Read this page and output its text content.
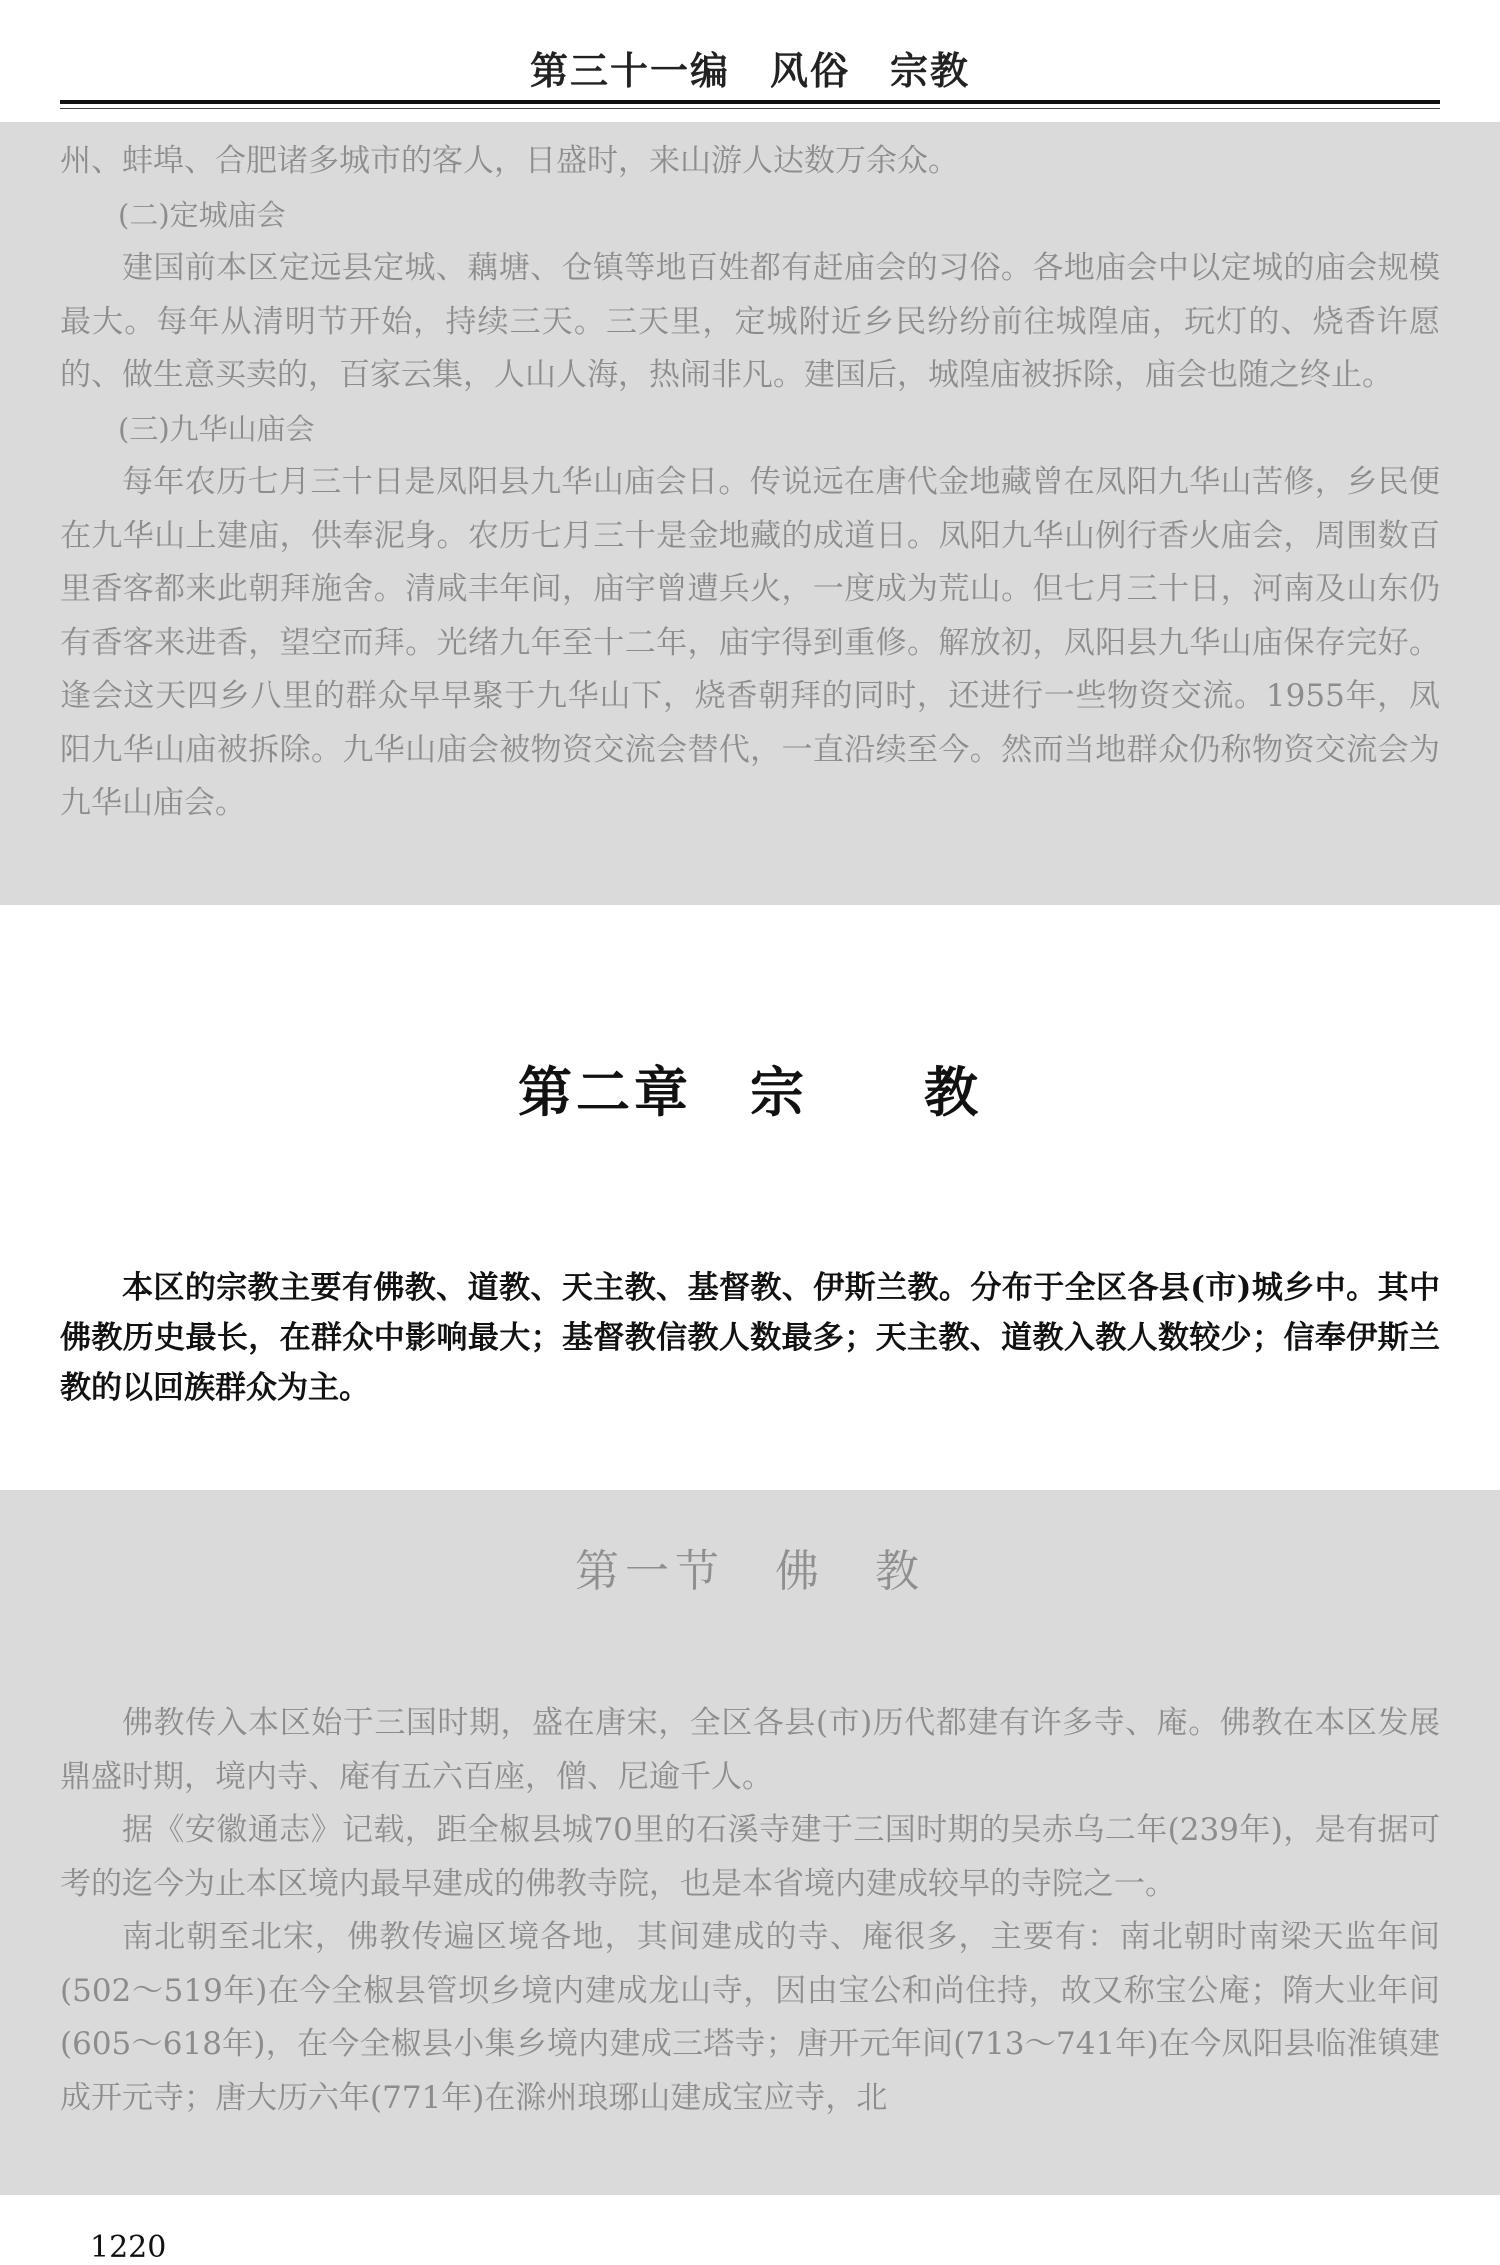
第三十一编　风俗　宗教

州、蚌埠、合肥诸多城市的客人，日盛时，来山游人达数万余众。

(二)定城庙会

建国前本区定远县定城、藕塘、仓镇等地百姓都有赶庙会的习俗。各地庙会中以定城的庙会规模最大。每年从清明节开始，持续三天。三天里，定城附近乡民纷纷前往城隍庙，玩灯的、烧香许愿的、做生意买卖的，百家云集，人山人海，热闹非凡。建国后，城隍庙被拆除，庙会也随之终止。

(三)九华山庙会

每年农历七月三十日是凤阳县九华山庙会日。传说远在唐代金地藏曾在凤阳九华山苦修，乡民便在九华山上建庙，供奉泥身。农历七月三十是金地藏的成道日。凤阳九华山例行香火庙会，周围数百里香客都来此朝拜施舍。清咸丰年间，庙宇曾遭兵火，一度成为荒山。但七月三十日，河南及山东仍有香客来进香，望空而拜。光绪九年至十二年，庙宇得到重修。解放初，凤阳县九华山庙保存完好。逢会这天四乡八里的群众早早聚于九华山下，烧香朝拜的同时，还进行一些物资交流。1955年，凤阳九华山庙被拆除。九华山庙会被物资交流会替代，一直沿续至今。然而当地群众仍称物资交流会为九华山庙会。

第二章　宗　　教

本区的宗教主要有佛教、道教、天主教、基督教、伊斯兰教。分布于全区各县(市)城乡中。其中佛教历史最长，在群众中影响最大；基督教信教人数最多；天主教、道教入教人数较少；信奉伊斯兰教的以回族群众为主。

第一节　佛　教

佛教传入本区始于三国时期，盛在唐宋，全区各县(市)历代都建有许多寺、庵。佛教在本区发展鼎盛时期，境内寺、庵有五六百座，僧、尼逾千人。

据《安徽通志》记载，距全椒县城70里的石溪寺建于三国时期的吴赤乌二年(239年)，是有据可考的迄今为止本区境内最早建成的佛教寺院，也是本省境内建成较早的寺院之一。

南北朝至北宋，佛教传遍区境各地，其间建成的寺、庵很多，主要有：南北朝时南梁天监年间(502～519年)在今全椒县管坝乡境内建成龙山寺，因由宝公和尚住持，故又称宝公庵；隋大业年间(605～618年)，在今全椒县小集乡境内建成三塔寺；唐开元年间(713～741年)在今凤阳县临淮镇建成开元寺；唐大历六年(771年)在滁州琅琊山建成宝应寺，北

1220
